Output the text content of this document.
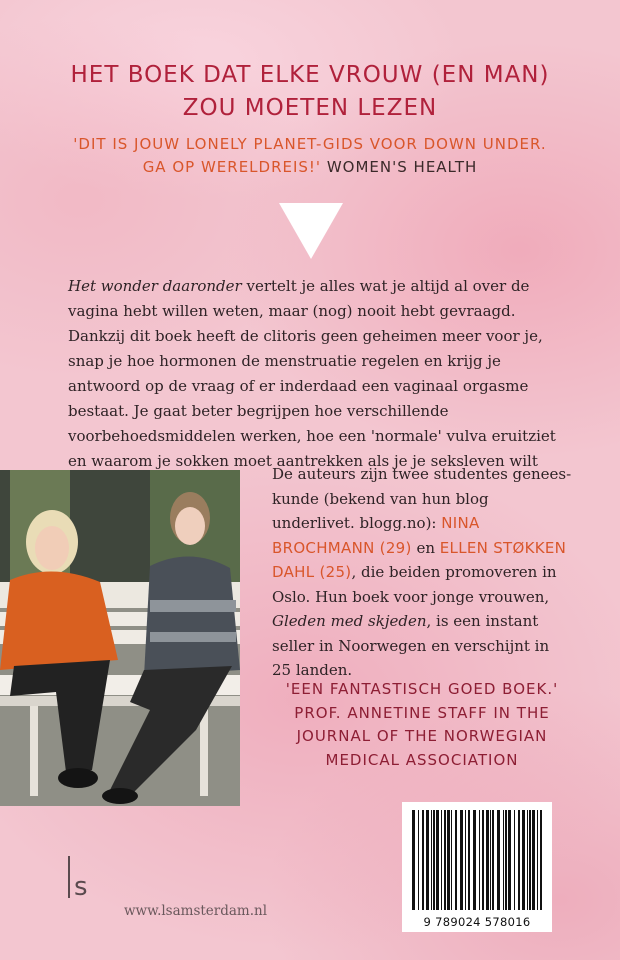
HET BOEK DAT ELKE VROUW (EN MAN)
ZOU MOETEN LEZEN
'DIT IS JOUW LONELY PLANET-GIDS VOOR DOWN UNDER.
GA OP WERELDREIS!' WOMEN'S HEALTH

Het wonder daaronder vertelt je alles wat je altijd al over de vagina hebt willen weten, maar (nog) nooit hebt gevraagd. Dankzij dit boek heeft de clitoris geen geheimen meer voor je, snap je hoe hormonen de menstruatie regelen en krijg je antwoord op de vraag of er inderdaad een vaginaal orgasme bestaat. Je gaat beter begrijpen hoe verschillende voorbehoedsmiddelen werken, hoe een 'normale' vulva eruitziet en waarom je sokken moet aantrekken als je je seksleven wilt

De auteurs zijn twee studentes geneeskunde (bekend van hun blog underlivet. blogg.no): NINA BROCHMANN (29) en ELLEN STØKKEN DAHL (25), die beiden promoveren in Oslo. Hun boek voor jonge vrouwen, Gleden med skjeden, is een instant seller in Noorwegen en verschijnt in 25 landen.

'EEN FANTASTISCH GOED BOEK.'
PROF. ANNETINE STAFF IN THE
JOURNAL OF THE NORWEGIAN
MEDICAL ASSOCIATION
9 789024 578016
s
www.lsamsterdam.nl
